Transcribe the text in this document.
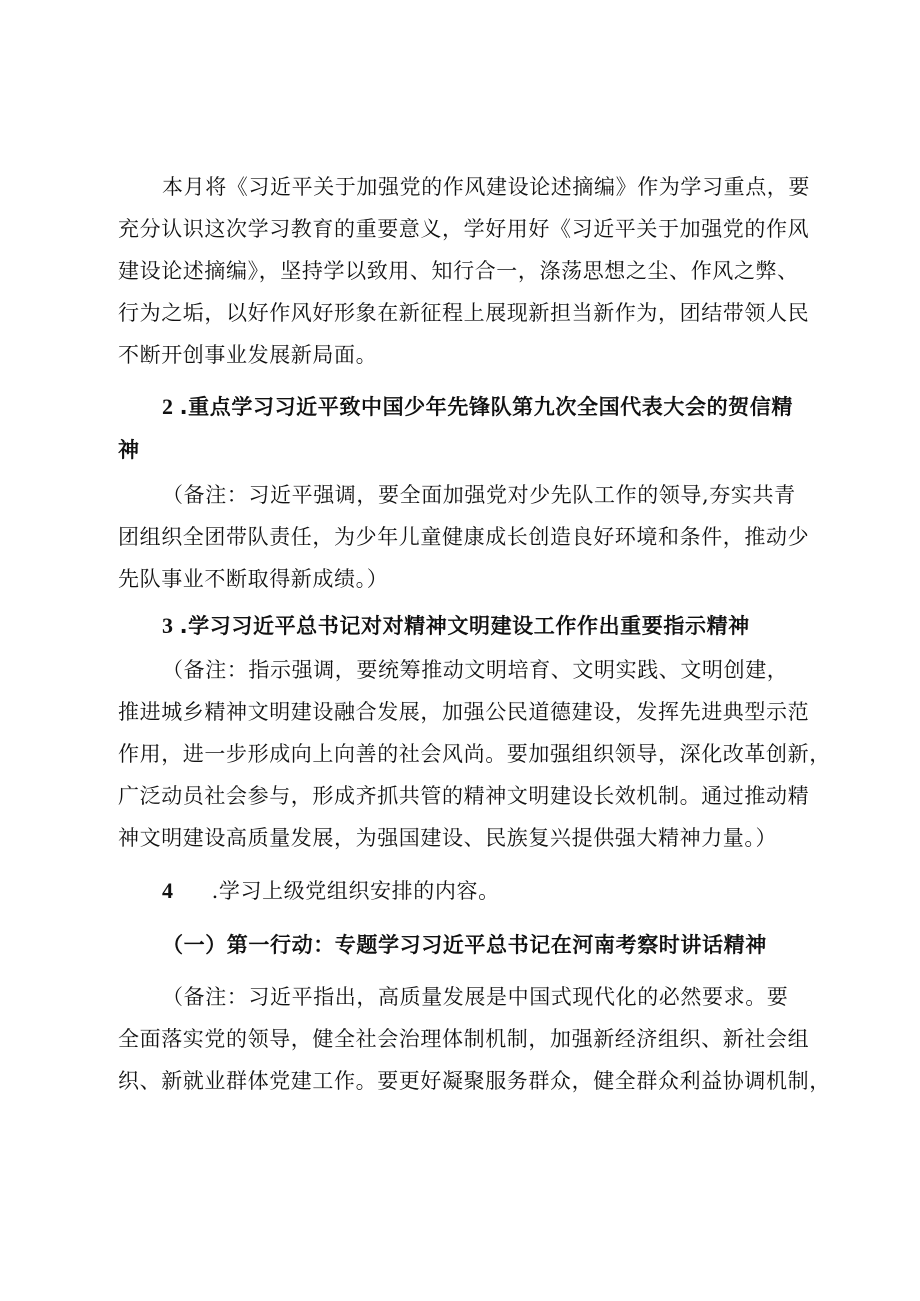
本月将《习近平关于加强党的作风建设论述摘编》作为学习重点，要
充分认识这次学习教育的重要意义，学好用好《习近平关于加强党的作风
建设论述摘编》，坚持学以致用、知行合一，涤荡思想之尘、作风之弊、
行为之垢，以好作风好形象在新征程上展现新担当新作为，团结带领人民
不断开创事业发展新局面。
2 .重点学习习近平致中国少年先锋队第九次全国代表大会的贺信精
神
（备注：习近平强调，要全面加强党对少先队工作的领导,夯实共青
团组织全团带队责任，为少年儿童健康成长创造良好环境和条件，推动少
先队事业不断取得新成绩。）
3 .学习习近平总书记对对精神文明建设工作作出重要指示精神
（备注：指示强调，要统筹推动文明培育、文明实践、文明创建，
推进城乡精神文明建设融合发展，加强公民道德建设，发挥先进典型示范
作用，进一步形成向上向善的社会风尚。要加强组织领导，深化改革创新，
广泛动员社会参与，形成齐抓共管的精神文明建设长效机制。通过推动精
神文明建设高质量发展，为强国建设、民族复兴提供强大精神力量。）
4 .学习上级党组织安排的内容。
（一）第一行动：专题学习习近平总书记在河南考察时讲话精神
（备注：习近平指出，高质量发展是中国式现代化的必然要求。要
全面落实党的领导，健全社会治理体制机制，加强新经济组织、新社会组
织、新就业群体党建工作。要更好凝聚服务群众，健全群众利益协调机制，
